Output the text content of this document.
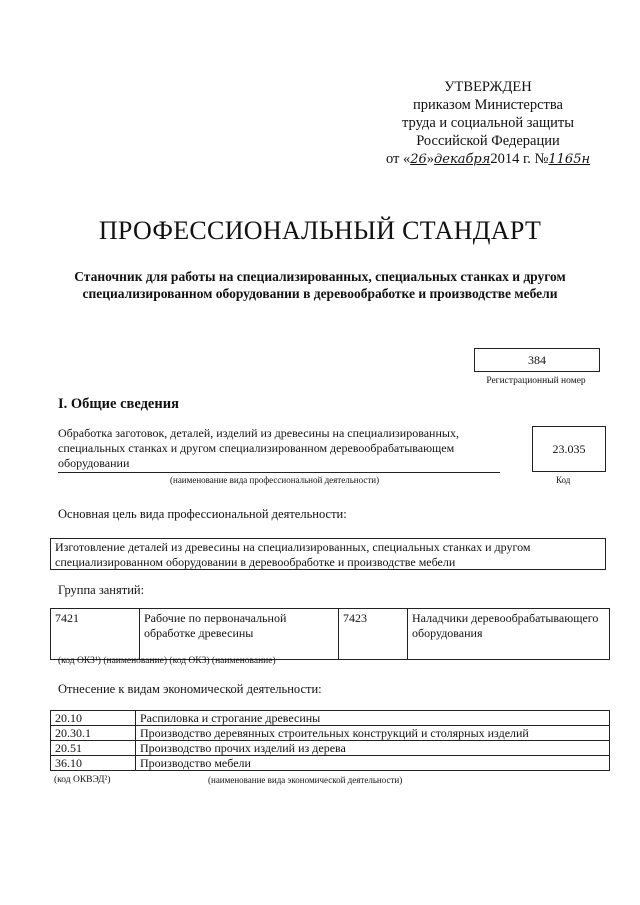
УТВЕРЖДЕН
приказом Министерства
труда и социальной защиты
Российской Федерации
от «26»декабря2014 г. №1165н
ПРОФЕССИОНАЛЬНЫЙ СТАНДАРТ
Станочник для работы на специализированных, специальных станках и другом специализированном оборудовании в деревообработке и производстве мебели
384
Регистрационный номер
I. Общие сведения
Обработка заготовок, деталей, изделий из древесины на специализированных, специальных станках и другом специализированном деревообрабатывающем оборудовании
(наименование вида профессиональной деятельности)
23.035
Код
Основная цель вида профессиональной деятельности:
Изготовление деталей из древесины на специализированных, специальных станках и другом специализированном оборудовании в деревообработке и производстве мебели
Группа занятий:
7421	Рабочие по первоначальной обработке древесины	7423	Наладчики деревообрабатывающего оборудования
(код ОКЗ¹) (наименование) (код ОКЗ) (наименование)
Отнесение к видам экономической деятельности:
20.10	Распиловка и строгание древесины
20.30.1	Производство деревянных строительных конструкций и столярных изделий
20.51	Производство прочих изделий из дерева
36.10	Производство мебели
(код ОКВЭД²)	(наименование вида экономической деятельности)
